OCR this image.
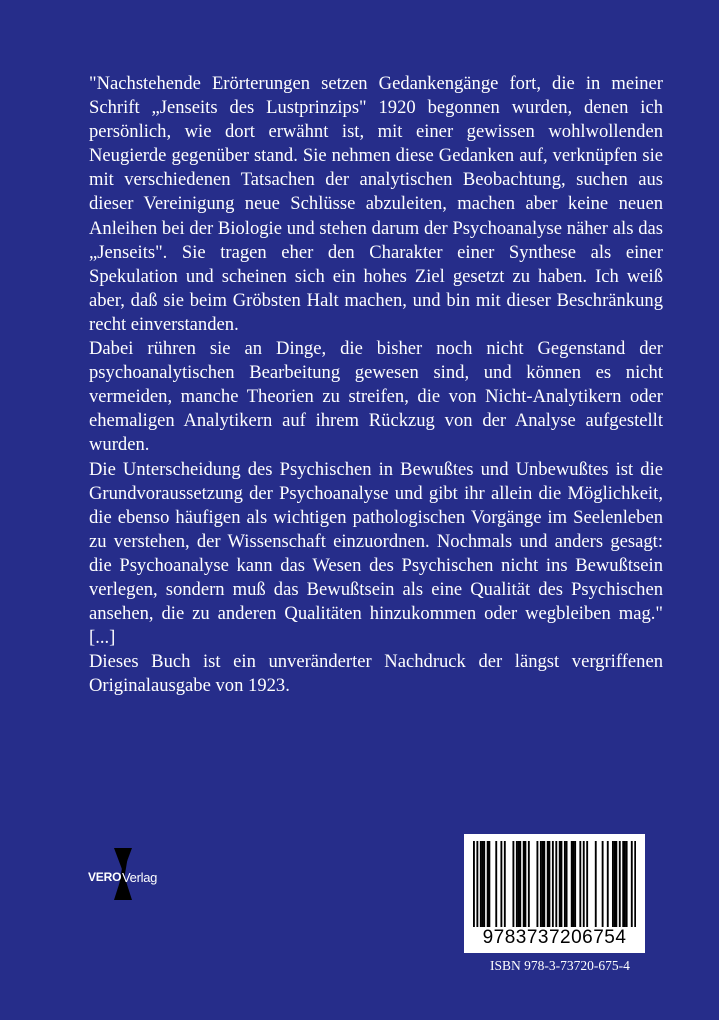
"Nachstehende Erörterungen setzen Gedankengänge fort, die in meiner Schrift „Jenseits des Lustprinzips" 1920 begonnen wurden, denen ich persönlich, wie dort erwähnt ist, mit einer gewissen wohlwollenden Neugierde gegenüber stand. Sie nehmen diese Gedanken auf, verknüpfen sie mit verschiedenen Tatsachen der analytischen Beobachtung, suchen aus dieser Vereinigung neue Schlüsse abzuleiten, machen aber keine neuen Anleihen bei der Biologie und stehen darum der Psychoanalyse näher als das „Jenseits". Sie tragen eher den Charakter einer Synthese als einer Spekulation und scheinen sich ein hohes Ziel gesetzt zu haben. Ich weiß aber, daß sie beim Gröbsten Halt machen, und bin mit dieser Beschränkung recht einverstanden.

Dabei rühren sie an Dinge, die bisher noch nicht Gegenstand der psychoanalytischen Bearbeitung gewesen sind, und können es nicht vermeiden, manche Theorien zu streifen, die von Nicht-Analytikern oder ehemaligen Analytikern auf ihrem Rückzug von der Analyse aufgestellt wurden.

Die Unterscheidung des Psychischen in Bewußtes und Unbewußtes ist die Grundvoraussetzung der Psychoanalyse und gibt ihr allein die Möglichkeit, die ebenso häufigen als wichtigen pathologischen Vorgänge im Seelenleben zu verstehen, der Wissenschaft einzuordnen. Nochmals und anders gesagt: die Psychoanalyse kann das Wesen des Psychischen nicht ins Bewußtsein verlegen, sondern muß das Bewußtsein als eine Qualität des Psychischen ansehen, die zu anderen Qualitäten hinzukommen oder wegbleiben mag." [...]

Dieses Buch ist ein unveränderter Nachdruck der längst vergriffenen Originalausgabe von 1923.

VERO Verlag
9783737206754
ISBN 978-3-73720-675-4
